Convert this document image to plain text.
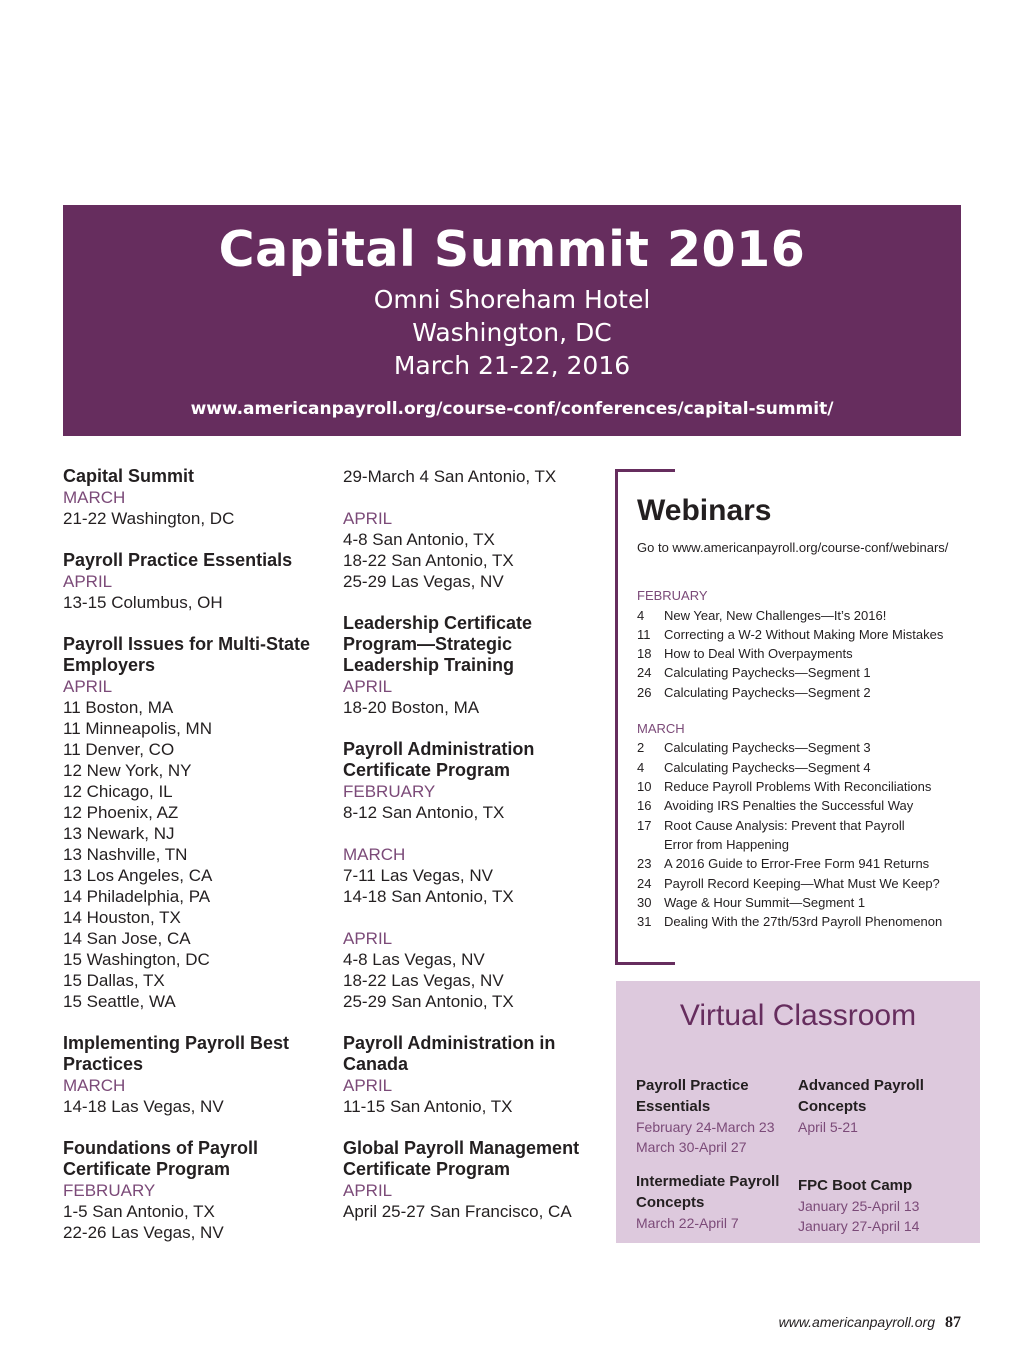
Capital Summit 2016
Omni Shoreham Hotel
Washington, DC
March 21-22, 2016
www.americanpayroll.org/course-conf/conferences/capital-summit/
Capital Summit
MARCH
21-22 Washington, DC
Payroll Practice Essentials
APRIL
13-15 Columbus, OH
Payroll Issues for Multi-State Employers
APRIL
11 Boston, MA
11 Minneapolis, MN
11 Denver, CO
12 New York, NY
12 Chicago, IL
12 Phoenix, AZ
13 Newark, NJ
13 Nashville, TN
13 Los Angeles, CA
14 Philadelphia, PA
14 Houston, TX
14 San Jose, CA
15 Washington, DC
15 Dallas, TX
15 Seattle, WA
Implementing Payroll Best Practices
MARCH
14-18 Las Vegas, NV
Foundations of Payroll Certificate Program
FEBRUARY
1-5 San Antonio, TX
22-26 Las Vegas, NV
29-March 4 San Antonio, TX
APRIL
4-8 San Antonio, TX
18-22 San Antonio, TX
25-29 Las Vegas, NV
Leadership Certificate Program—Strategic Leadership Training
APRIL
18-20 Boston, MA
Payroll Administration Certificate Program
FEBRUARY
8-12 San Antonio, TX
MARCH
7-11 Las Vegas, NV
14-18 San Antonio, TX
APRIL
4-8 Las Vegas, NV
18-22 Las Vegas, NV
25-29 San Antonio, TX
Payroll Administration in Canada
APRIL
11-15 San Antonio, TX
Global Payroll Management Certificate Program
APRIL
April 25-27 San Francisco, CA
Webinars
Go to www.americanpayroll.org/course-conf/webinars/
FEBRUARY
4	New Year, New Challenges—It’s 2016!
11	Correcting a W-2 Without Making More Mistakes
18 How to Deal With Overpayments
24 Calculating Paychecks—Segment 1
26 Calculating Paychecks—Segment 2
MARCH
2	Calculating Paychecks—Segment 3
4	Calculating Paychecks—Segment 4
10 Reduce Payroll Problems With Reconciliations
16 Avoiding IRS Penalties the Successful Way
17 Root Cause Analysis: Prevent that Payroll
Error from Happening
23 A 2016 Guide to Error-Free Form 941 Returns
24 Payroll Record Keeping—What Must We Keep?
30 Wage & Hour Summit—Segment 1
31 Dealing With the 27th/53rd Payroll Phenomenon
Virtual Classroom
Payroll Practice Essentials
February 24-March 23
March 30-April 27
Advanced Payroll Concepts
April 5-21
Intermediate Payroll Concepts
March 22-April 7
FPC Boot Camp
January 25-April 13
January 27-April 14
www.americanpayroll.org 87
